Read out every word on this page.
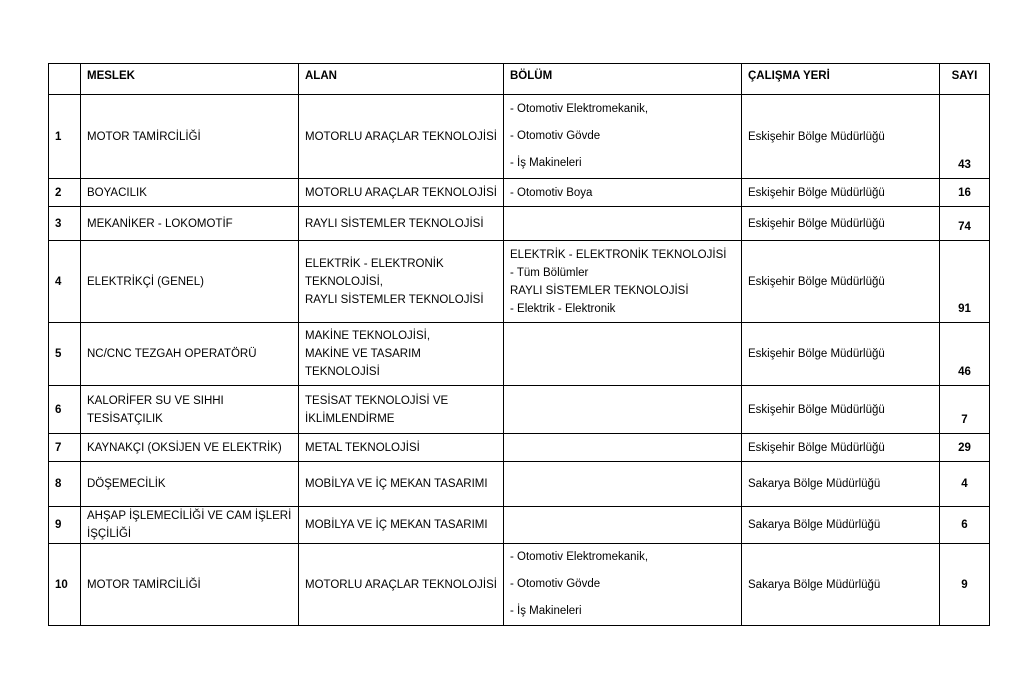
	MESLEK	ALAN	BÖLÜM	ÇALIŞMA YERİ	SAYI
1	MOTOR TAMİRCİLİĞİ	MOTORLU ARAÇLAR TEKNOLOJİSİ	- Otomotiv Elektromekanik,
- Otomotiv Gövde
- İş Makineleri	Eskişehir Bölge Müdürlüğü	43
2	BOYACILIK	MOTORLU ARAÇLAR TEKNOLOJİSİ	- Otomotiv Boya	Eskişehir Bölge Müdürlüğü	16
3	MEKANİKER - LOKOMOTİF	RAYLI SİSTEMLER TEKNOLOJİSİ		Eskişehir Bölge Müdürlüğü	74
4	ELEKTRİKÇİ (GENEL)	ELEKTRİK - ELEKTRONİK
TEKNOLOJİSİ,
RAYLI SİSTEMLER TEKNOLOJİSİ	ELEKTRİK - ELEKTRONİK TEKNOLOJİSİ
- Tüm Bölümler
RAYLI SİSTEMLER TEKNOLOJİSİ
- Elektrik - Elektronik	Eskişehir Bölge Müdürlüğü	91
5	NC/CNC TEZGAH OPERATÖRÜ	MAKİNE TEKNOLOJİSİ,
MAKİNE VE TASARIM
TEKNOLOJİSİ		Eskişehir Bölge Müdürlüğü	46
6	KALORİFER SU VE SIHHI
TESİSATÇILIK	TESİSAT TEKNOLOJİSİ VE
İKLİMLENDİRME		Eskişehir Bölge Müdürlüğü	7
7	KAYNAKÇI (OKSİJEN VE ELEKTRİK)	METAL TEKNOLOJİSİ		Eskişehir Bölge Müdürlüğü	29
8	DÖŞEMECİLİK	MOBİLYA VE İÇ MEKAN TASARIMI		Sakarya Bölge Müdürlüğü	4
9	AHŞAP İŞLEMECİLİĞİ VE CAM İŞLERİ
İŞÇİLİĞİ	MOBİLYA VE İÇ MEKAN TASARIMI		Sakarya Bölge Müdürlüğü	6
10	MOTOR TAMİRCİLİĞİ	MOTORLU ARAÇLAR TEKNOLOJİSİ	- Otomotiv Elektromekanik,
- Otomotiv Gövde
- İş Makineleri	Sakarya Bölge Müdürlüğü	9
